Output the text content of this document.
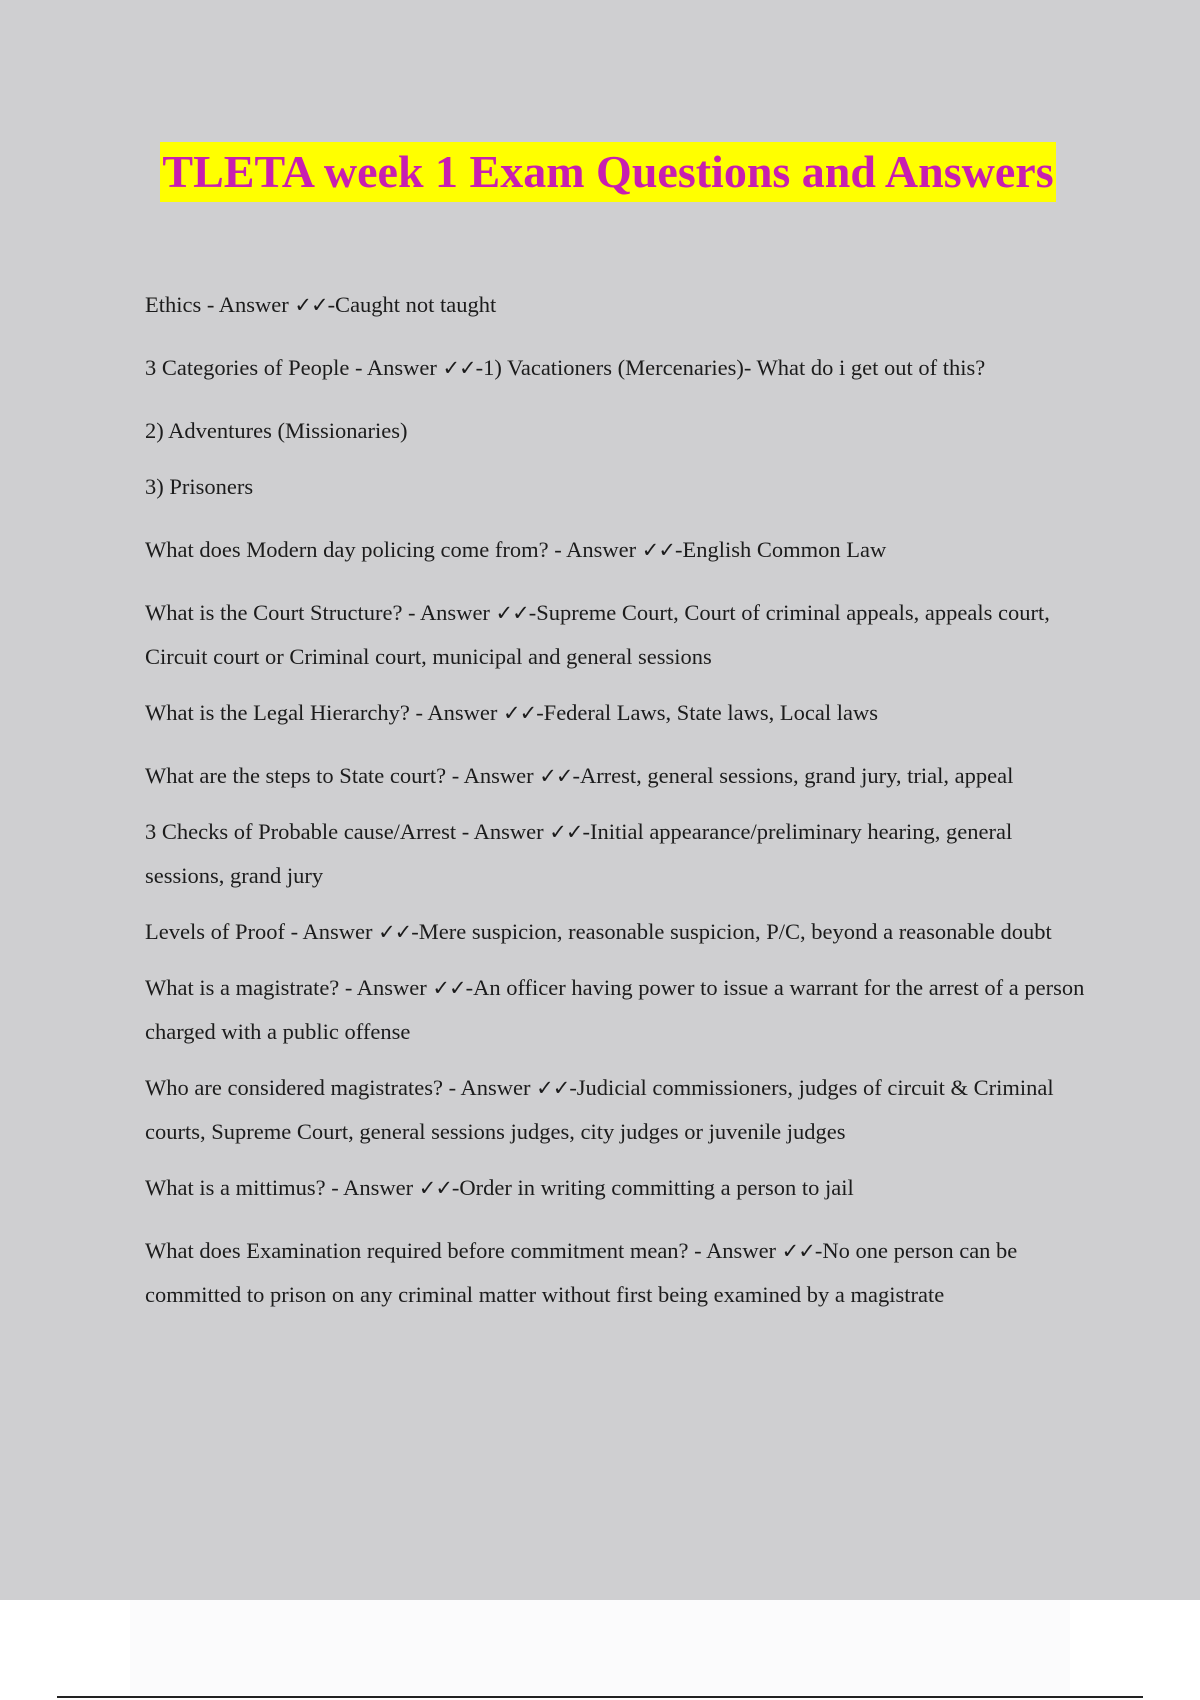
TLETA week 1 Exam Questions and Answers

Ethics - Answer ✓✓-Caught not taught

3 Categories of People - Answer ✓✓-1) Vacationers (Mercenaries)- What do i get out of this?

2) Adventures (Missionaries)

3) Prisoners

What does Modern day policing come from? - Answer ✓✓-English Common Law

What is the Court Structure? - Answer ✓✓-Supreme Court, Court of criminal appeals, appeals court, Circuit court or Criminal court, municipal and general sessions

What is the Legal Hierarchy? - Answer ✓✓-Federal Laws, State laws, Local laws

What are the steps to State court? - Answer ✓✓-Arrest, general sessions, grand jury, trial, appeal

3 Checks of Probable cause/Arrest - Answer ✓✓-Initial appearance/preliminary hearing, general sessions, grand jury

Levels of Proof - Answer ✓✓-Mere suspicion, reasonable suspicion, P/C, beyond a reasonable doubt

What is a magistrate? - Answer ✓✓-An officer having power to issue a warrant for the arrest of a person charged with a public offense

Who are considered magistrates? - Answer ✓✓-Judicial commissioners, judges of circuit & Criminal courts, Supreme Court, general sessions judges, city judges or juvenile judges

What is a mittimus? - Answer ✓✓-Order in writing committing a person to jail

What does Examination required before commitment mean? - Answer ✓✓-No one person can be committed to prison on any criminal matter without first being examined by a magistrate
